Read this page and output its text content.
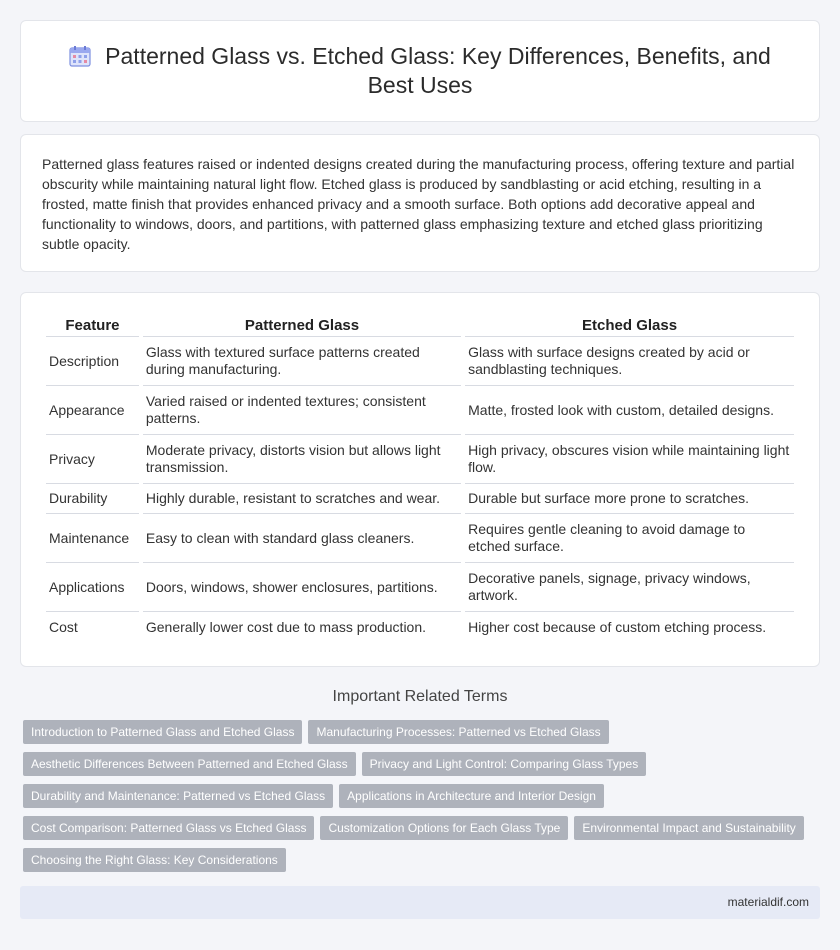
Patterned Glass vs. Etched Glass: Key Differences, Benefits, and Best Uses

Patterned glass features raised or indented designs created during the manufacturing process, offering texture and partial obscurity while maintaining natural light flow. Etched glass is produced by sandblasting or acid etching, resulting in a frosted, matte finish that provides enhanced privacy and a smooth surface. Both options add decorative appeal and functionality to windows, doors, and partitions, with patterned glass emphasizing texture and etched glass prioritizing subtle opacity.

Feature	Patterned Glass	Etched Glass
Description	Glass with textured surface patterns created during manufacturing.	Glass with surface designs created by acid or sandblasting techniques.
Appearance	Varied raised or indented textures; consistent patterns.	Matte, frosted look with custom, detailed designs.
Privacy	Moderate privacy, distorts vision but allows light transmission.	High privacy, obscures vision while maintaining light flow.
Durability	Highly durable, resistant to scratches and wear.	Durable but surface more prone to scratches.
Maintenance	Easy to clean with standard glass cleaners.	Requires gentle cleaning to avoid damage to etched surface.
Applications	Doors, windows, shower enclosures, partitions.	Decorative panels, signage, privacy windows, artwork.
Cost	Generally lower cost due to mass production.	Higher cost because of custom etching process.
Important Related Terms
Introduction to Patterned Glass and Etched Glass Manufacturing Processes: Patterned vs Etched Glass
Aesthetic Differences Between Patterned and Etched Glass Privacy and Light Control: Comparing Glass Types
Durability and Maintenance: Patterned vs Etched Glass Applications in Architecture and Interior Design
Cost Comparison: Patterned Glass vs Etched Glass Customization Options for Each Glass Type Environmental Impact and Sustainability
Choosing the Right Glass: Key Considerations
materialdif.com
